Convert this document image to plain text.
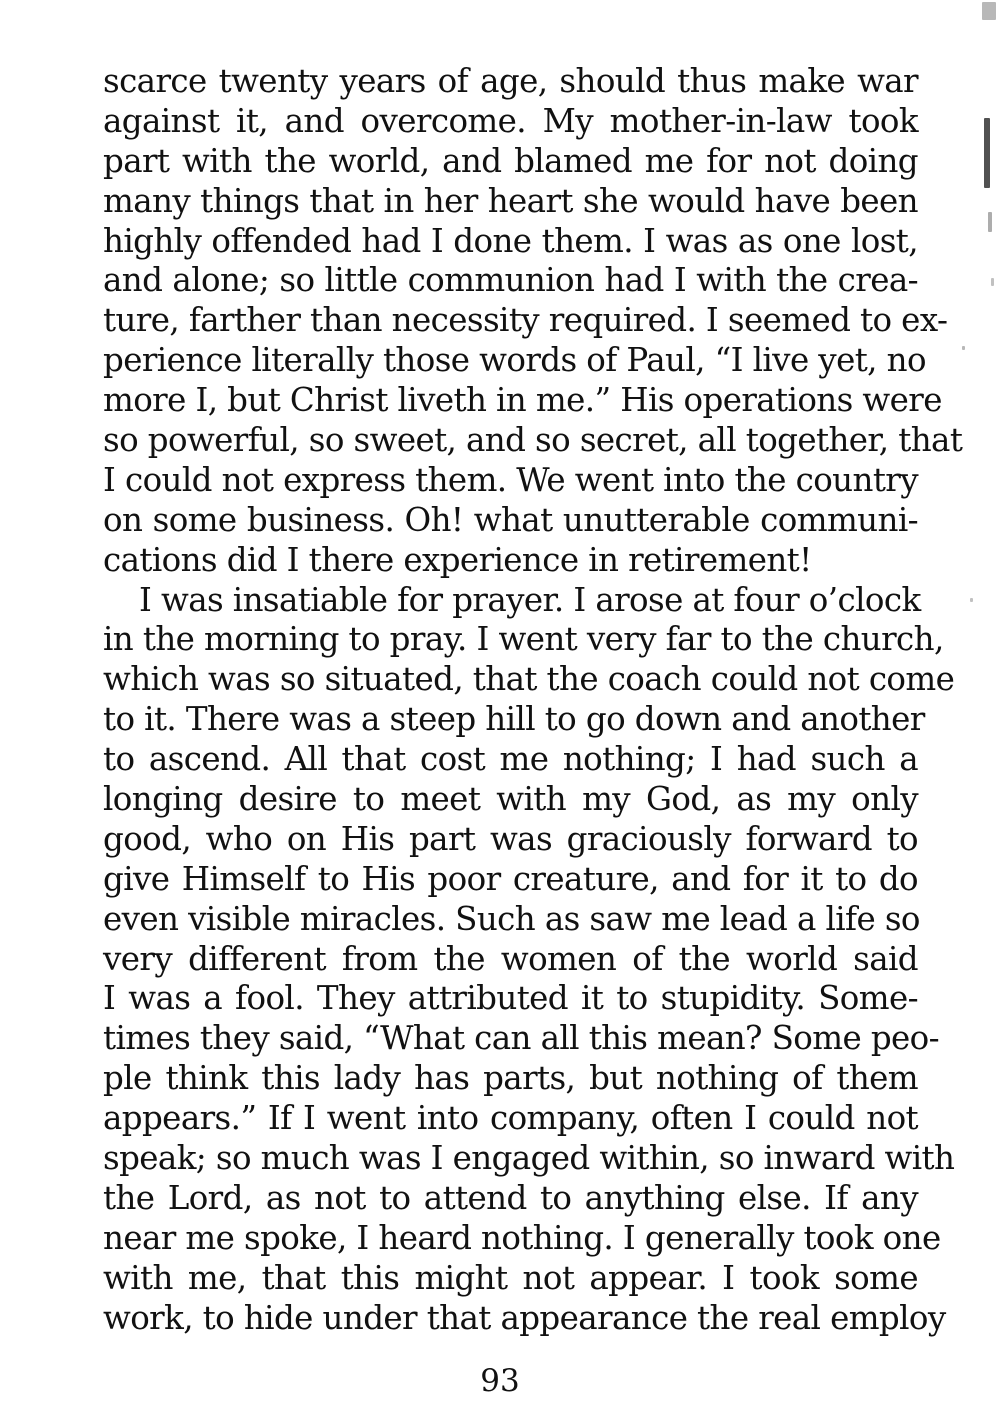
scarce twenty years of age, should thus make war
against it, and overcome. My mother-in-law took
part with the world, and blamed me for not doing
many things that in her heart she would have been
highly offended had I done them. I was as one lost,
and alone; so little communion had I with the crea-
ture, farther than necessity required. I seemed to ex-
perience literally those words of Paul, “I live yet, no
more I, but Christ liveth in me.” His operations were
so powerful, so sweet, and so secret, all together, that
I could not express them. We went into the country
on some business. Oh! what unutterable communi-
cations did I there experience in retirement!
I was insatiable for prayer. I arose at four o’clock
in the morning to pray. I went very far to the church,
which was so situated, that the coach could not come
to it. There was a steep hill to go down and another
to ascend. All that cost me nothing; I had such a
longing desire to meet with my God, as my only
good, who on His part was graciously forward to
give Himself to His poor creature, and for it to do
even visible miracles. Such as saw me lead a life so
very different from the women of the world said
I was a fool. They attributed it to stupidity. Some-
times they said, “What can all this mean? Some peo-
ple think this lady has parts, but nothing of them
appears.” If I went into company, often I could not
speak; so much was I engaged within, so inward with
the Lord, as not to attend to anything else. If any
near me spoke, I heard nothing. I generally took one
with me, that this might not appear. I took some
work, to hide under that appearance the real employ
93
